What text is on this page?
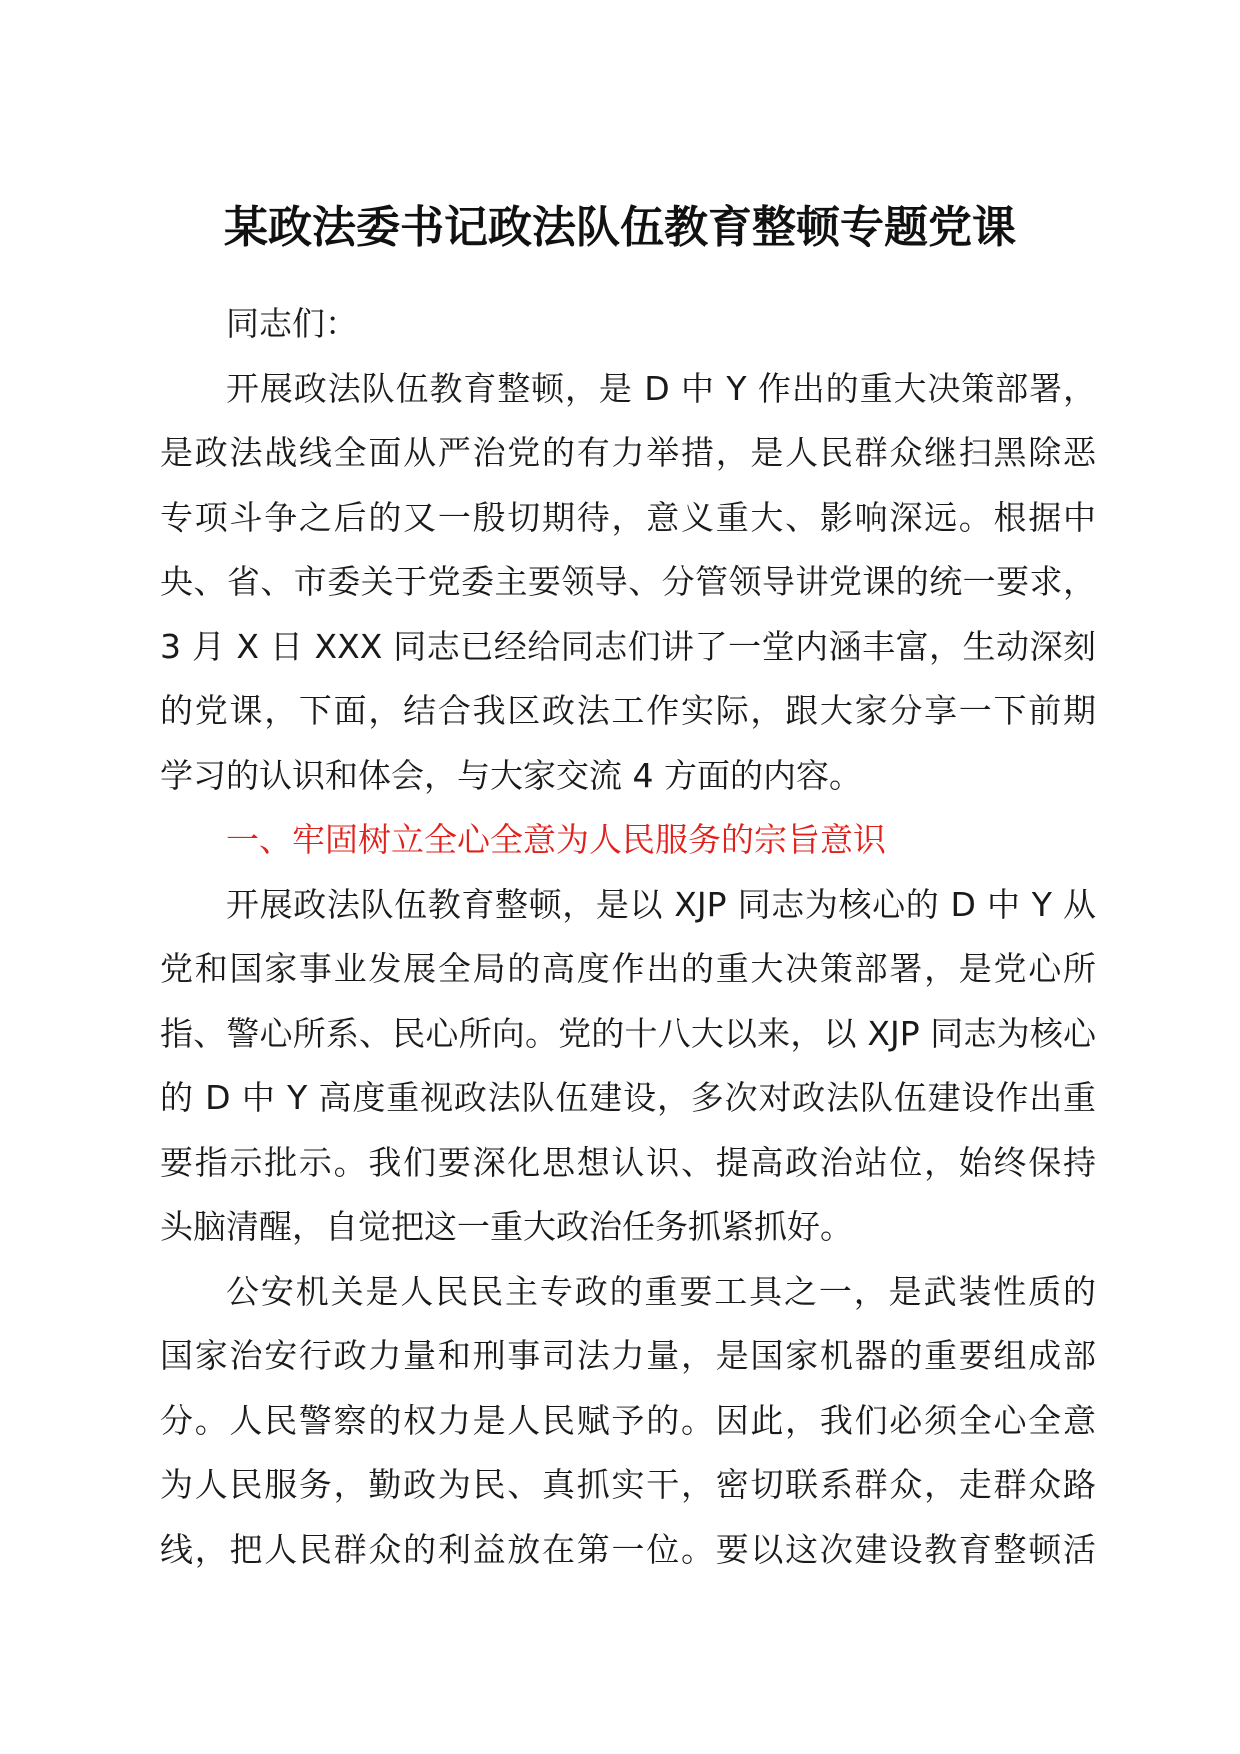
某政法委书记政法队伍教育整顿专题党课
同志们：
开展政法队伍教育整顿，是 D 中 Y 作出的重大决策部署，
是政法战线全面从严治党的有力举措，是人民群众继扫黑除恶
专项斗争之后的又一殷切期待，意义重大、影响深远。根据中
央、省、市委关于党委主要领导、分管领导讲党课的统一要求，
3 月 X 日 XXX 同志已经给同志们讲了一堂内涵丰富，生动深刻
的党课，下面，结合我区政法工作实际，跟大家分享一下前期
学习的认识和体会，与大家交流 4 方面的内容。
一、牢固树立全心全意为人民服务的宗旨意识
开展政法队伍教育整顿，是以 XJP 同志为核心的 D 中 Y 从
党和国家事业发展全局的高度作出的重大决策部署，是党心所
指、警心所系、民心所向。党的十八大以来，以 XJP 同志为核心
的 D 中 Y 高度重视政法队伍建设，多次对政法队伍建设作出重
要指示批示。我们要深化思想认识、提高政治站位，始终保持
头脑清醒，自觉把这一重大政治任务抓紧抓好。
公安机关是人民民主专政的重要工具之一，是武装性质的
国家治安行政力量和刑事司法力量，是国家机器的重要组成部
分。人民警察的权力是人民赋予的。因此，我们必须全心全意
为人民服务，勤政为民、真抓实干，密切联系群众，走群众路
线，把人民群众的利益放在第一位。要以这次建设教育整顿活
